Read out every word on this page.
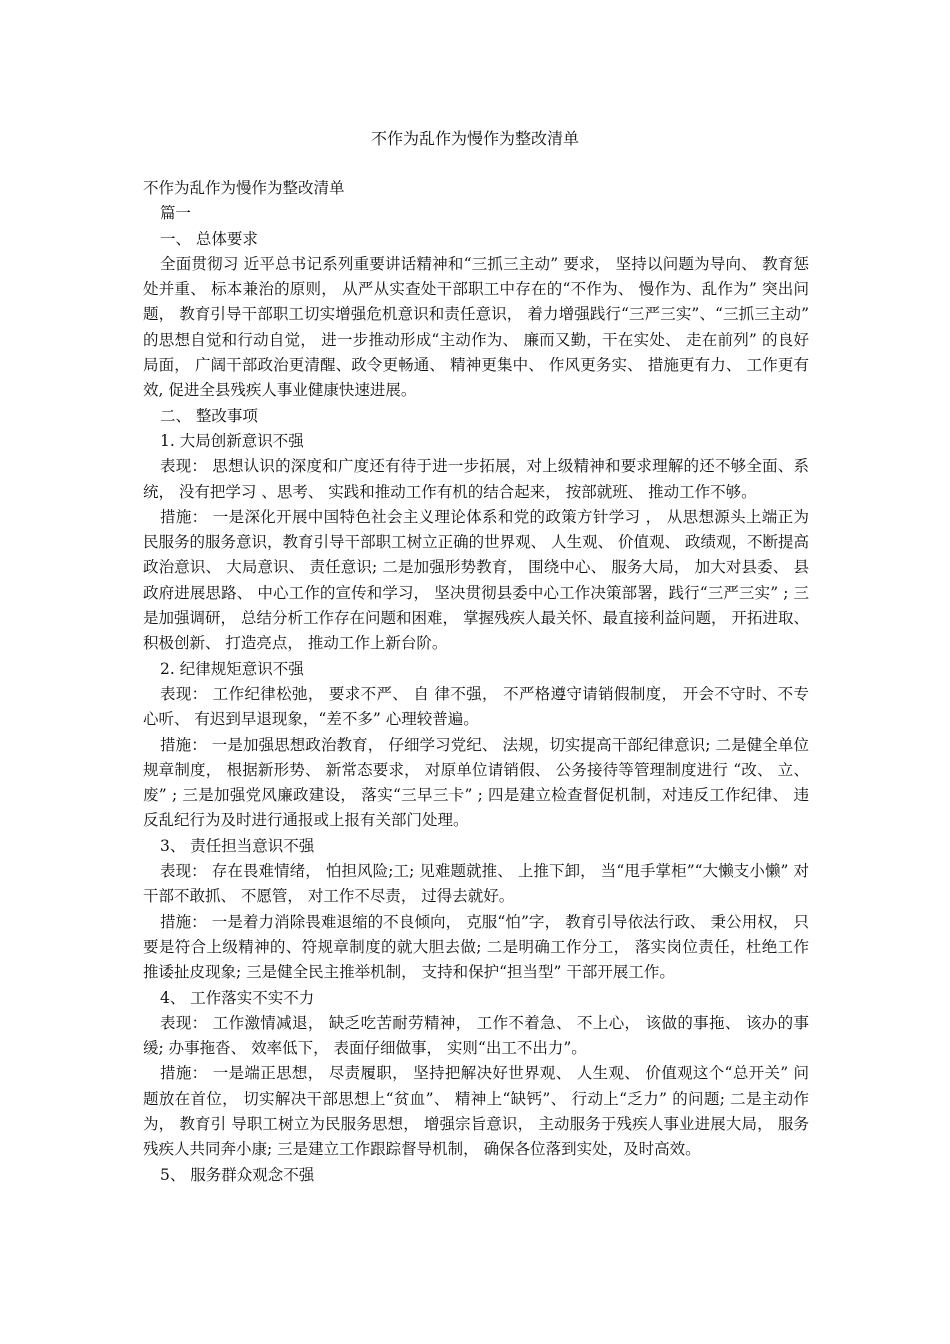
不作为乱作为慢作为整改清单

不作为乱作为慢作为整改清单

篇一

一、 总体要求

全面贯彻习 近平总书记系列重要讲话精神和“三抓三主动” 要求， 坚持以问题为导向、 教育惩处并重、 标本兼治的原则， 从严从实查处干部职工中存在的“不作为、 慢作为、乱作为” 突出问题， 教育引导干部职工切实增强危机意识和责任意识， 着力增强践行“三严三实”、“三抓三主动” 的思想自觉和行动自觉， 进一步推动形成“主动作为、 廉而又勤，干在实处、 走在前列” 的良好局面， 广阔干部政治更清醒、政令更畅通、 精神更集中、 作风更务实、 措施更有力、 工作更有效, 促进全县残疾人事业健康快速进展。

二、 整改事项

1. 大局创新意识不强

表现： 思想认识的深度和广度还有待于进一步拓展，对上级精神和要求理解的还不够全面、系统， 没有把学习 、思考、 实践和推动工作有机的结合起来， 按部就班、 推动工作不够。

措施： 一是深化开展中国特色社会主义理论体系和党的政策方针学习 ， 从思想源头上端正为民服务的服务意识，教育引导干部职工树立正确的世界观、 人生观、 价值观、 政绩观，不断提高政治意识、 大局意识、 责任意识; 二是加强形势教育， 围绕中心、 服务大局， 加大对县委、 县政府进展思路、 中心工作的宣传和学习， 坚决贯彻县委中心工作决策部署，践行“三严三实” ; 三是加强调研， 总结分析工作存在问题和困难， 掌握残疾人最关怀、最直接利益问题， 开拓进取、 积极创新、 打造亮点， 推动工作上新台阶。

2. 纪律规矩意识不强

表现： 工作纪律松弛， 要求不严、 自 律不强， 不严格遵守请销假制度， 开会不守时、不专心听、 有迟到早退现象，“差不多” 心理较普遍。

措施： 一是加强思想政治教育， 仔细学习党纪、 法规，切实提高干部纪律意识; 二是健全单位规章制度， 根据新形势、 新常态要求， 对原单位请销假、 公务接待等管理制度进行 “改、 立、 废” ; 三是加强党风廉政建设， 落实“三早三卡” ; 四是建立检查督促机制，对违反工作纪律、 违反乱纪行为及时进行通报或上报有关部门处理。

3、 责任担当意识不强

表现： 存在畏难情绪， 怕担风险;工; 见难题就推、 上推下卸， 当“甩手掌柜”“大懒支小懒” 对干部不敢抓、 不愿管， 对工作不尽责， 过得去就好。

措施： 一是着力消除畏难退缩的不良倾向， 克服“怕”字， 教育引导依法行政、 秉公用权， 只要是符合上级精神的、符规章制度的就大胆去做; 二是明确工作分工， 落实岗位责任，杜绝工作推诿扯皮现象; 三是健全民主推举机制， 支持和保护“担当型” 干部开展工作。

4、 工作落实不实不力

表现： 工作激情减退， 缺乏吃苦耐劳精神， 工作不着急、 不上心， 该做的事拖、 该办的事缓; 办事拖沓、 效率低下， 表面仔细做事， 实则“出工不出力”。

措施： 一是端正思想， 尽责履职， 坚持把解决好世界观、 人生观、 价值观这个“总开关” 问题放在首位， 切实解决干部思想上“贫血”、 精神上“缺钙”、 行动上“乏力” 的问题; 二是主动作为， 教育引 导职工树立为民服务思想， 增强宗旨意识， 主动服务于残疾人事业进展大局， 服务残疾人共同奔小康; 三是建立工作跟踪督导机制， 确保各位落到实处，及时高效。

5、 服务群众观念不强
